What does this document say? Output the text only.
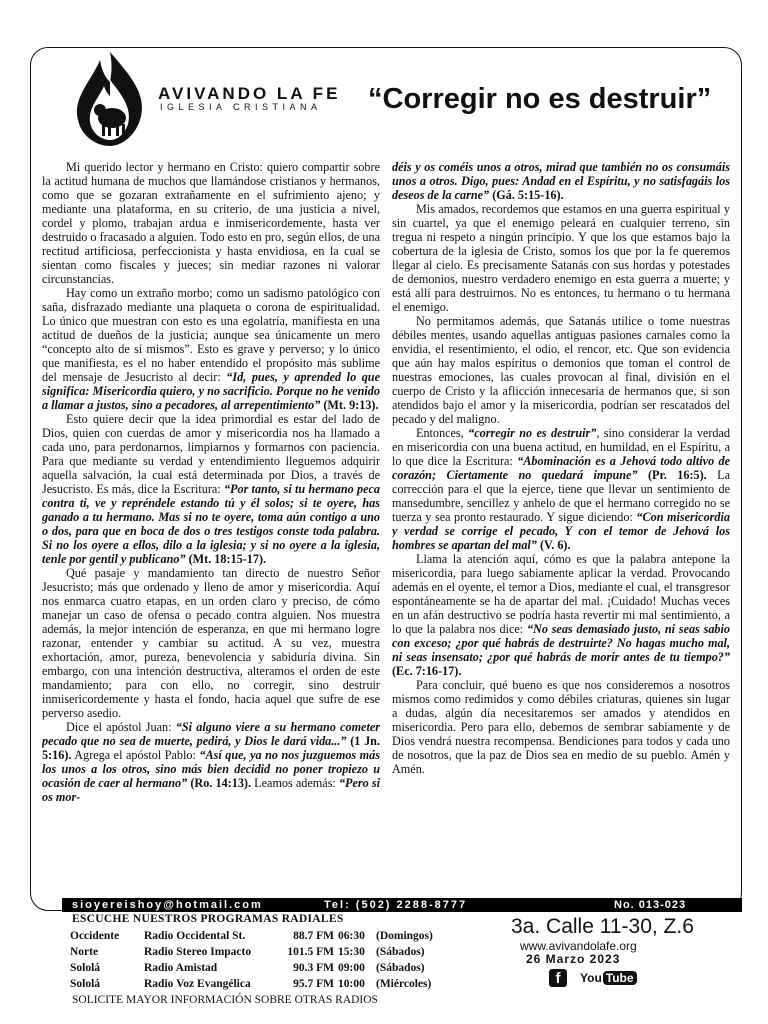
AVIVANDO LA FE
IGLESIA CRISTIANA “Corregir no es destruir”

Mi querido lector y hermano en Cristo: quiero compartir sobre la actitud humana de muchos que llamándose cristianos y hermanos, como que se gozaran extrañamente en el sufrimiento ajeno; y mediante una plataforma, en su criterio, de una justicia a nivel, cordel y plomo, trabajan ardua e inmisericordemente, hasta ver destruido o fracasado a alguien. Todo esto en pro, según ellos, de una rectitud artificiosa, perfeccionista y hasta envidiosa, en la cual se sientan como fiscales y jueces; sin mediar razones ni valorar circunstancias.

Hay como un extraño morbo; como un sadismo patológico con saña, disfrazado mediante una plaqueta o corona de espiritualidad. Lo único que muestran con esto es una egolatría, manifiesta en una actitud de dueños de la justicia; aunque sea únicamente un mero “concepto alto de sí mismos”. Esto es grave y perverso; y lo único que manifiesta, es el no haber entendido el propósito más sublime del mensaje de Jesucristo al decir: “Id, pues, y aprended lo que significa: Misericordia quiero, y no sacrificio. Porque no he venido a llamar a justos, sino a pecadores, al arrepentimiento” (Mt. 9:13).

Esto quiere decir que la idea primordial es estar del lado de Dios, quien con cuerdas de amor y misericordia nos ha llamado a cada uno, para perdonarnos, limpiarnos y formarnos con paciencia. Para que mediante su verdad y entendimiento lleguemos adquirir aquella salvación, la cual está determinada por Dios, a través de Jesucristo. Es más, dice la Escritura: “Por tanto, si tu hermano peca contra ti, ve y repréndele estando tú y él solos; si te oyere, has ganado a tu hermano. Mas si no te oyere, toma aún contigo a uno o dos, para que en boca de dos o tres testigos conste toda palabra. Si no los oyere a ellos, dilo a la iglesia; y si no oyere a la iglesia, tenle por gentil y publicano” (Mt. 18:15-17).

Qué pasaje y mandamiento tan directo de nuestro Señor Jesucristo; más que ordenado y lleno de amor y misericordia. Aquí nos enmarca cuatro etapas, en un orden claro y preciso, de cómo manejar un caso de ofensa o pecado contra alguien. Nos muestra además, la mejor intención de esperanza, en que mi hermano logre razonar, entender y cambiar su actitud. A su vez, muestra exhortación, amor, pureza, benevolencia y sabiduría divina. Sin embargo, con una intención destructiva, alteramos el orden de este mandamiento; para con ello, no corregir, sino destruir inmisericordemente y hasta el fondo, hacia aquel que sufre de ese perverso asedio.

Dice el apóstol Juan: “Si alguno viere a su hermano cometer pecado que no sea de muerte, pedirá, y Dios le dará vida...” (1 Jn. 5:16). Agrega el apóstol Pablo: “Así que, ya no nos juzguemos más los unos a los otros, sino más bien decidid no poner tropiezo u ocasión de caer al hermano” (Ro. 14:13). Leamos además: “Pero si os mor-

déis y os coméis unos a otros, mirad que también no os consumáis unos a otros. Digo, pues: Andad en el Espíritu, y no satisfagáis los deseos de la carne” (Gá. 5:15-16).

Mis amados, recordemos que estamos en una guerra espiritual y sin cuartel, ya que el enemigo peleará en cualquier terreno, sin tregua ni respeto a ningún principio. Y que los que estamos bajo la cobertura de la iglesia de Cristo, somos los que por la fe queremos llegar al cielo. Es precisamente Satanás con sus hordas y potestades de demonios, nuestro verdadero enemigo en esta guerra a muerte; y está allí para destruirnos. No es entonces, tu hermano o tu hermana el enemigo.

No permitamos además, que Satanás utilice o tome nuestras débiles mentes, usando aquellas antiguas pasiones carnales como la envidia, el resentimiento, el odio, el rencor, etc. Que son evidencia que aún hay malos espíritus o demonios que toman el control de nuestras emociones, las cuales provocan al final, división en el cuerpo de Cristo y la aflicción innecesaria de hermanos que, si son atendidos bajo el amor y la misericordia, podrían ser rescatados del pecado y del maligno.

Entonces, “corregir no es destruir”, sino considerar la verdad en misericordia con una buena actitud, en humildad, en el Espíritu, a lo que dice la Escritura: “Abominación es a Jehová todo altivo de corazón; Ciertamente no quedará impune” (Pr. 16:5). La corrección para el que la ejerce, tiene que llevar un sentimiento de mansedumbre, sencillez y anhelo de que el hermano corregido no se tuerza y sea pronto restaurado. Y sigue diciendo: “Con misericordia y verdad se corrige el pecado, Y con el temor de Jehová los hombres se apartan del mal” (V. 6).

Llama la atención aquí, cómo es que la palabra antepone la misericordia, para luego sabiamente aplicar la verdad. Provocando además en el oyente, el temor a Dios, mediante el cual, el transgresor espontáneamente se ha de apartar del mal. ¡Cuidado! Muchas veces en un afán destructivo se podría hasta revertir mi mal sentimiento, a lo que la palabra nos dice: “No seas demasiado justo, ni seas sabio con exceso; ¿por qué habrás de destruirte? No hagas mucho mal, ni seas insensato; ¿por qué habrás de morir antes de tu tiempo?” (Ec. 7:16-17).

Para concluir, qué bueno es que nos consideremos a nosotros mismos como redimidos y como débiles criaturas, quienes sin lugar a dudas, algún día necesitaremos ser amados y atendidos en misericordia. Pero para ello, debemos de sembrar sabiamente y de Dios vendrá nuestra recompensa. Bendiciones para todos y cada uno de nosotros, que la paz de Dios sea en medio de su pueblo. Amén y Amén.

sioyereishoy@hotmail.com	Tel: (502) 2288-8777	No. 013-023
ESCUCHE NUESTROS PROGRAMAS RADIALES
Occidente	Radio Occidental St.	88.7 FM	06:30	(Domingos)
Norte	Radio Stereo Impacto	101.5 FM	15:30	(Sábados)
Sololá	Radio Amistad	90.3 FM	09:00	(Sábados)
Sololá	Radio Voz Evangélica	95.7 FM	10:00	(Miércoles)
SOLICITE MAYOR INFORMACIÓN SOBRE OTRAS RADIOS
3a. Calle 11-30, Z.6
www.avivandolafe.org
26 Marzo 2023
f	You Tube
